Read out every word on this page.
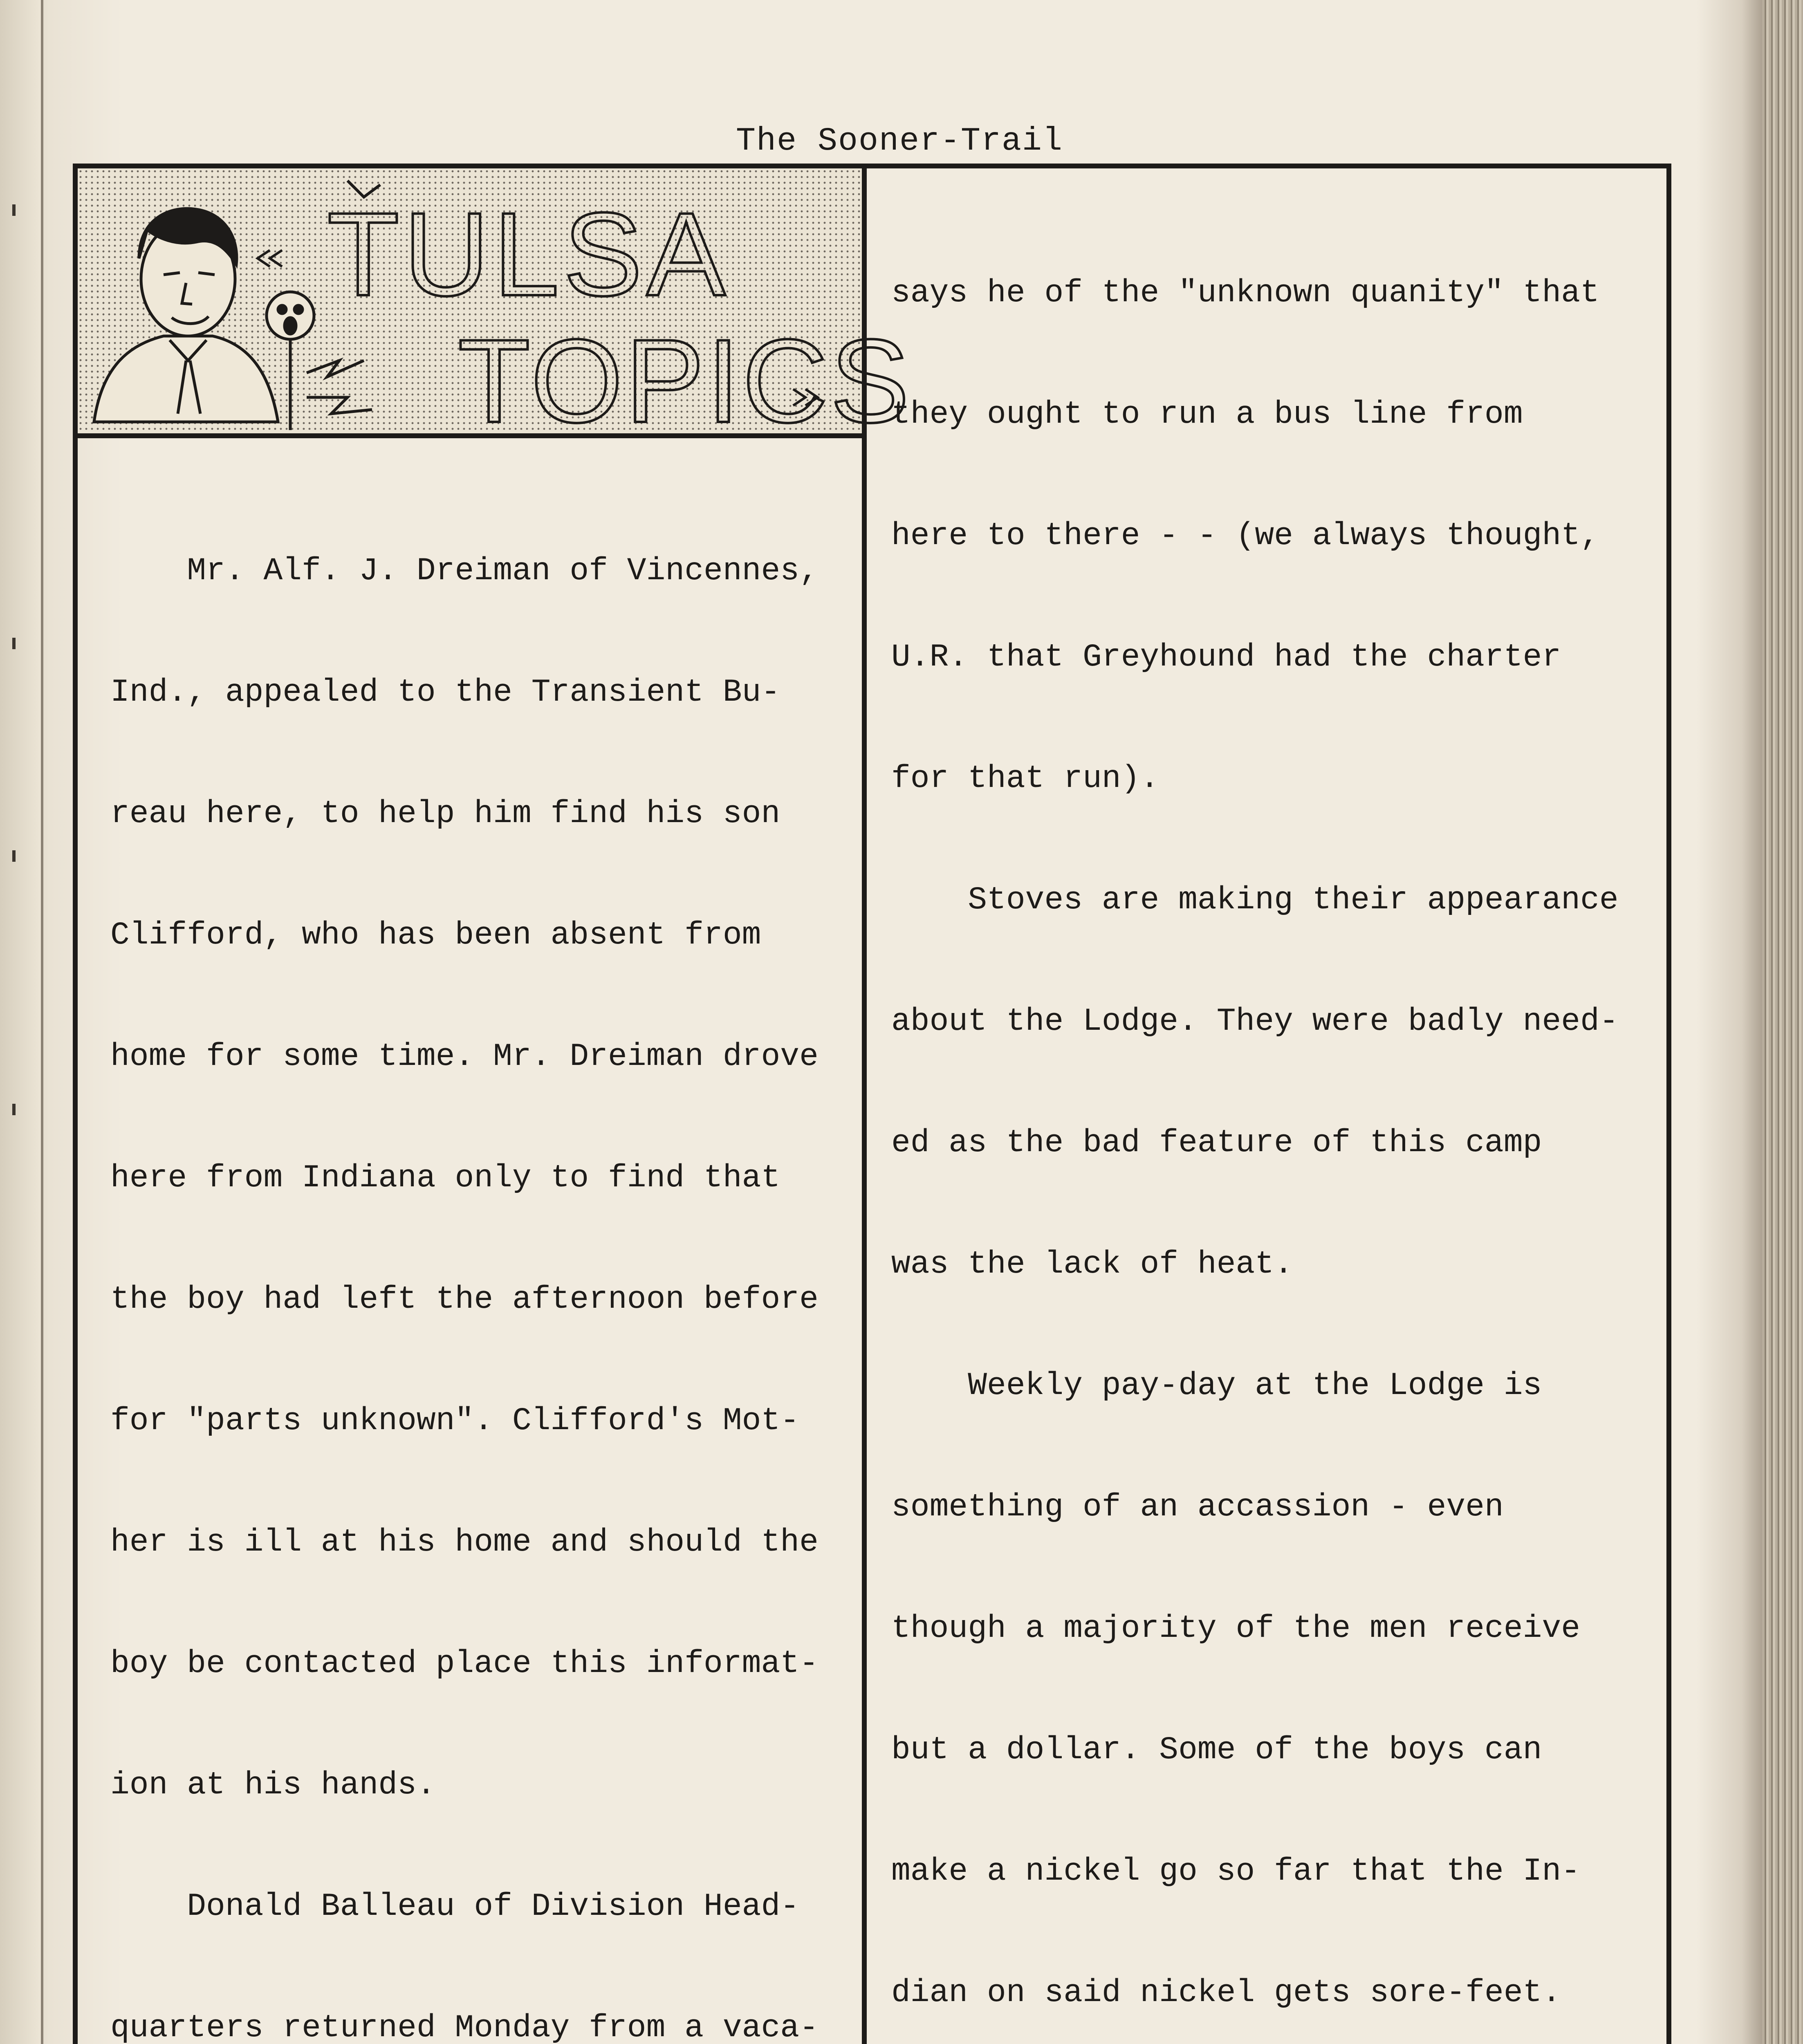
The Sooner-Trail
TULSA
TOPICS

Mr. Alf. J. Dreiman of Vincennes,

Ind., appealed to the Transient Bu-

reau here, to help him find his son

Clifford, who has been absent from

home for some time. Mr. Dreiman drove

here from Indiana only to find that

the boy had left the afternoon before

for "parts unknown". Clifford's Mot-

her is ill at his home and should the

boy be contacted place this informat-

ion at his hands.

Donald Balleau of Division Head-

quarters returned Monday from a vaca-

says he of the "unknown quanity" that

they ought to run a bus line from

here to there - - (we always thought,

U.R. that Greyhound had the charter

for that run).

Stoves are making their appearance

about the Lodge. They were badly need-

ed as the bad feature of this camp

was the lack of heat.

Weekly pay-day at the Lodge is

something of an accassion - even

though a majority of the men receive

but a dollar. Some of the boys can

make a nickel go so far that the In-

dian on said nickel gets sore-feet.
